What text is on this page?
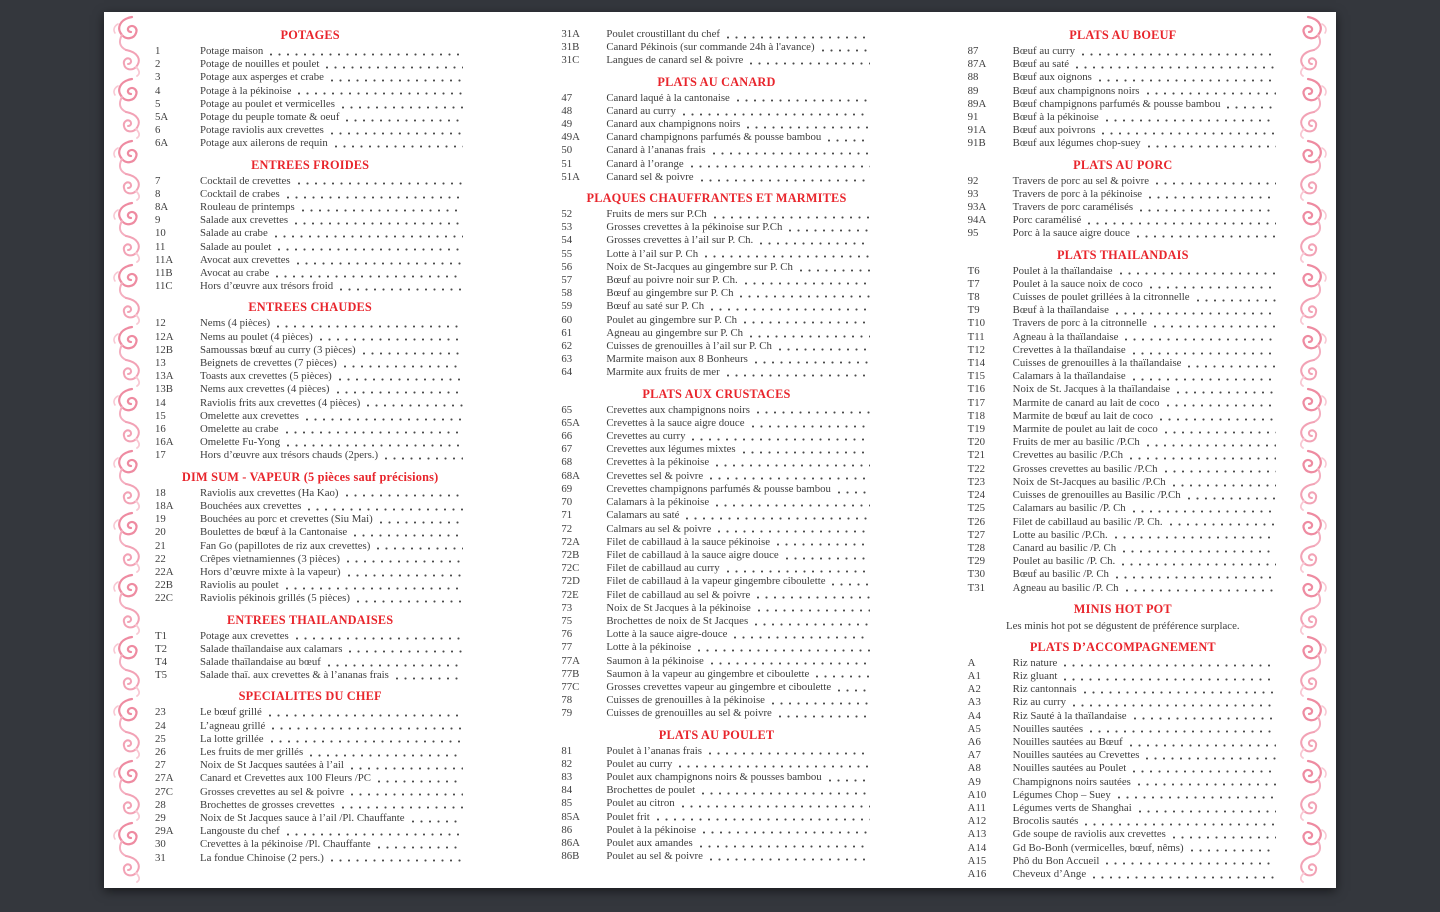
POTAGES
1	Potage maison
2	Potage de nouilles et poulet
3	Potage aux asperges et crabe
4	Potage à la pékinoise
5	Potage au poulet et vermicelles
5A	Potage du peuple tomate & oeuf
6	Potage raviolis aux crevettes
6A	Potage aux ailerons de requin
ENTREES FROIDES
7	Cocktail de crevettes
8	Cocktail de crabes
8A	Rouleau de printemps
9	Salade aux crevettes
10	Salade au crabe
11	Salade au poulet
11A	Avocat aux crevettes
11B	Avocat au crabe
11C	Hors d’œuvre aux trésors froid
ENTREES CHAUDES
12	Nems (4 pièces)
12A	Nems au poulet (4 pièces)
12B	Samoussas bœuf au curry (3 pièces)
13	Beignets de crevettes (7 pièces)
13A	Toasts aux crevettes (5 pièces)
13B	Nems aux crevettes (4 pièces)
14	Raviolis frits aux crevettes (4 pièces)
15	Omelette aux crevettes
16	Omelette au crabe
16A	Omelette Fu-Yong
17	Hors d’œuvre aux trésors chauds (2pers.)
DIM SUM - VAPEUR (5 pièces sauf précisions)
18	Raviolis aux crevettes (Ha Kao)
18A	Bouchées aux crevettes
19	Bouchées au porc et crevettes (Siu Mai)
20	Boulettes de bœuf à la Cantonaise
21	Fan Go (papillotes de riz aux crevettes)
22	Crêpes vietnamiennes (3 pièces)
22A	Hors d’œuvre mixte à la vapeur)
22B	Raviolis au poulet
22C	Raviolis pékinois grillés (5 pièces)
ENTREES THAILANDAISES
T1	Potage aux crevettes
T2	Salade thaïlandaise aux calamars
T4	Salade thaïlandaise au bœuf
T5	Salade thaï. aux crevettes & à l’ananas frais
SPECIALITES DU CHEF
23	Le bœuf grillé
24	L’agneau grillé
25	La lotte grillée
26	Les fruits de mer grillés
27	Noix de St Jacques sautées à l’ail
27A	Canard et Crevettes aux 100 Fleurs /PC
27C	Grosses crevettes au sel & poivre
28	Brochettes de grosses crevettes
29	Noix de St Jacques sauce à l’ail /Pl. Chauffante
29A	Langouste du chef
30	Crevettes à la pékinoise /Pl. Chauffante
31	La fondue Chinoise (2 pers.)
31A	Poulet croustillant du chef
31B	Canard Pékinois (sur commande 24h à l'avance)
31C	Langues de canard sel & poivre
PLATS AU CANARD
47	Canard laqué à la cantonaise
48	Canard au curry
49	Canard aux champignons noirs
49A	Canard champignons parfumés & pousse bambou
50	Canard à l’ananas frais
51	Canard à l’orange
51A	Canard sel & poivre
PLAQUES CHAUFFRANTES ET MARMITES
52	Fruits de mers sur P.Ch
53	Grosses crevettes à la pékinoise sur P.Ch
54	Grosses crevettes à l’ail sur P. Ch.
55	Lotte à l’ail sur P. Ch
56	Noix de St-Jacques au gingembre sur P. Ch
57	Bœuf au poivre noir sur P. Ch.
58	Bœuf au gingembre sur P. Ch
59	Bœuf au saté sur P. Ch
60	Poulet au gingembre sur P. Ch
61	Agneau au gingembre sur P. Ch
62	Cuisses de grenouilles à l’ail sur P. Ch
63	Marmite maison aux 8 Bonheurs
64	Marmite aux fruits de mer
PLATS AUX CRUSTACES
65	Crevettes aux champignons noirs
65A	Crevettes à la sauce aigre douce
66	Crevettes au curry
67	Crevettes aux légumes mixtes
68	Crevettes à la pékinoise
68A	Crevettes sel & poivre
69	Crevettes champignons parfumés & pousse bambou
70	Calamars à la pékinoise
71	Calamars au saté
72	Calmars au sel & poivre
72A	Filet de cabillaud à la sauce pékinoise
72B	Filet de cabillaud à la sauce aigre douce
72C	Filet de cabillaud au curry
72D	Filet de cabillaud à la vapeur gingembre ciboulette
72E	Filet de cabillaud au sel & poivre
73	Noix de St Jacques à la pékinoise
75	Brochettes de noix de St Jacques
76	Lotte à la sauce aigre-douce
77	Lotte à la pékinoise
77A	Saumon à la pékinoise
77B	Saumon à la vapeur au gingembre et ciboulette
77C	Grosses crevettes vapeur au gingembre et ciboulette
78	Cuisses de grenouilles à la pékinoise
79	Cuisses de grenouilles au sel & poivre
PLATS AU POULET
81	Poulet à l’ananas frais
82	Poulet au curry
83	Poulet aux champignons noirs & pousses bambou
84	Brochettes de poulet
85	Poulet au citron
85A	Poulet frit
86	Poulet à la pékinoise
86A	Poulet aux amandes
86B	Poulet au sel & poivre
PLATS AU BOEUF
87	Bœuf au curry
87A	Bœuf au saté
88	Bœuf aux oignons
89	Bœuf aux champignons noirs
89A	Bœuf champignons parfumés & pousse bambou
91	Bœuf à la pékinoise
91A	Bœuf aux poivrons
91B	Bœuf aux légumes chop-suey
PLATS AU PORC
92	Travers de porc au sel & poivre
93	Travers de porc à la pékinoise
93A	Travers de porc caramélisés
94A	Porc caramélisé
95	Porc à la sauce aigre douce
PLATS THAILANDAIS
T6	Poulet à la thaïlandaise
T7	Poulet à la sauce noix de coco
T8	Cuisses de poulet grillées à la citronnelle
T9	Bœuf à la thaïlandaise
T10	Travers de porc à la citronnelle
T11	Agneau à la thaïlandaise
T12	Crevettes à la thaïlandaise
T14	Cuisses de grenouilles à la thaïlandaise
T15	Calamars à la thaïlandaise
T16	Noix de St. Jacques à la thaïlandaise
T17	Marmite de canard au lait de coco
T18	Marmite de bœuf au lait de coco
T19	Marmite de poulet au lait de coco
T20	Fruits de mer au basilic /P.Ch
T21	Crevettes au basilic /P.Ch
T22	Grosses crevettes au basilic /P.Ch
T23	Noix de St-Jacques au basilic /P.Ch
T24	Cuisses de grenouilles au Basilic /P.Ch
T25	Calamars au basilic /P. Ch
T26	Filet de cabillaud au basilic /P. Ch.
T27	Lotte au basilic /P.Ch.
T28	Canard au basilic /P. Ch
T29	Poulet au basilic /P. Ch.
T30	Bœuf au basilic /P. Ch
T31	Agneau au basilic /P. Ch
MINIS HOT POT
Les minis hot pot se dégustent de préférence surplace.
PLATS D’ACCOMPAGNEMENT
A	Riz nature
A1	Riz gluant
A2	Riz cantonnais
A3	Riz au curry
A4	Riz Sauté à la thaïlandaise
A5	Nouilles sautées
A6	Nouilles sautées au Bœuf
A7	Nouilles sautées au Crevettes
A8	Nouilles sautées au Poulet
A9	Champignons noirs sautées
A10	Légumes Chop – Suey
A11	Légumes verts de Shanghai
A12	Brocolis sautés
A13	Gde soupe de raviolis aux crevettes
A14	Gd Bo-Bonh (vermicelles, bœuf, nêms)
A15	Phô du Bon Accueil
A16	Cheveux d’Ange
